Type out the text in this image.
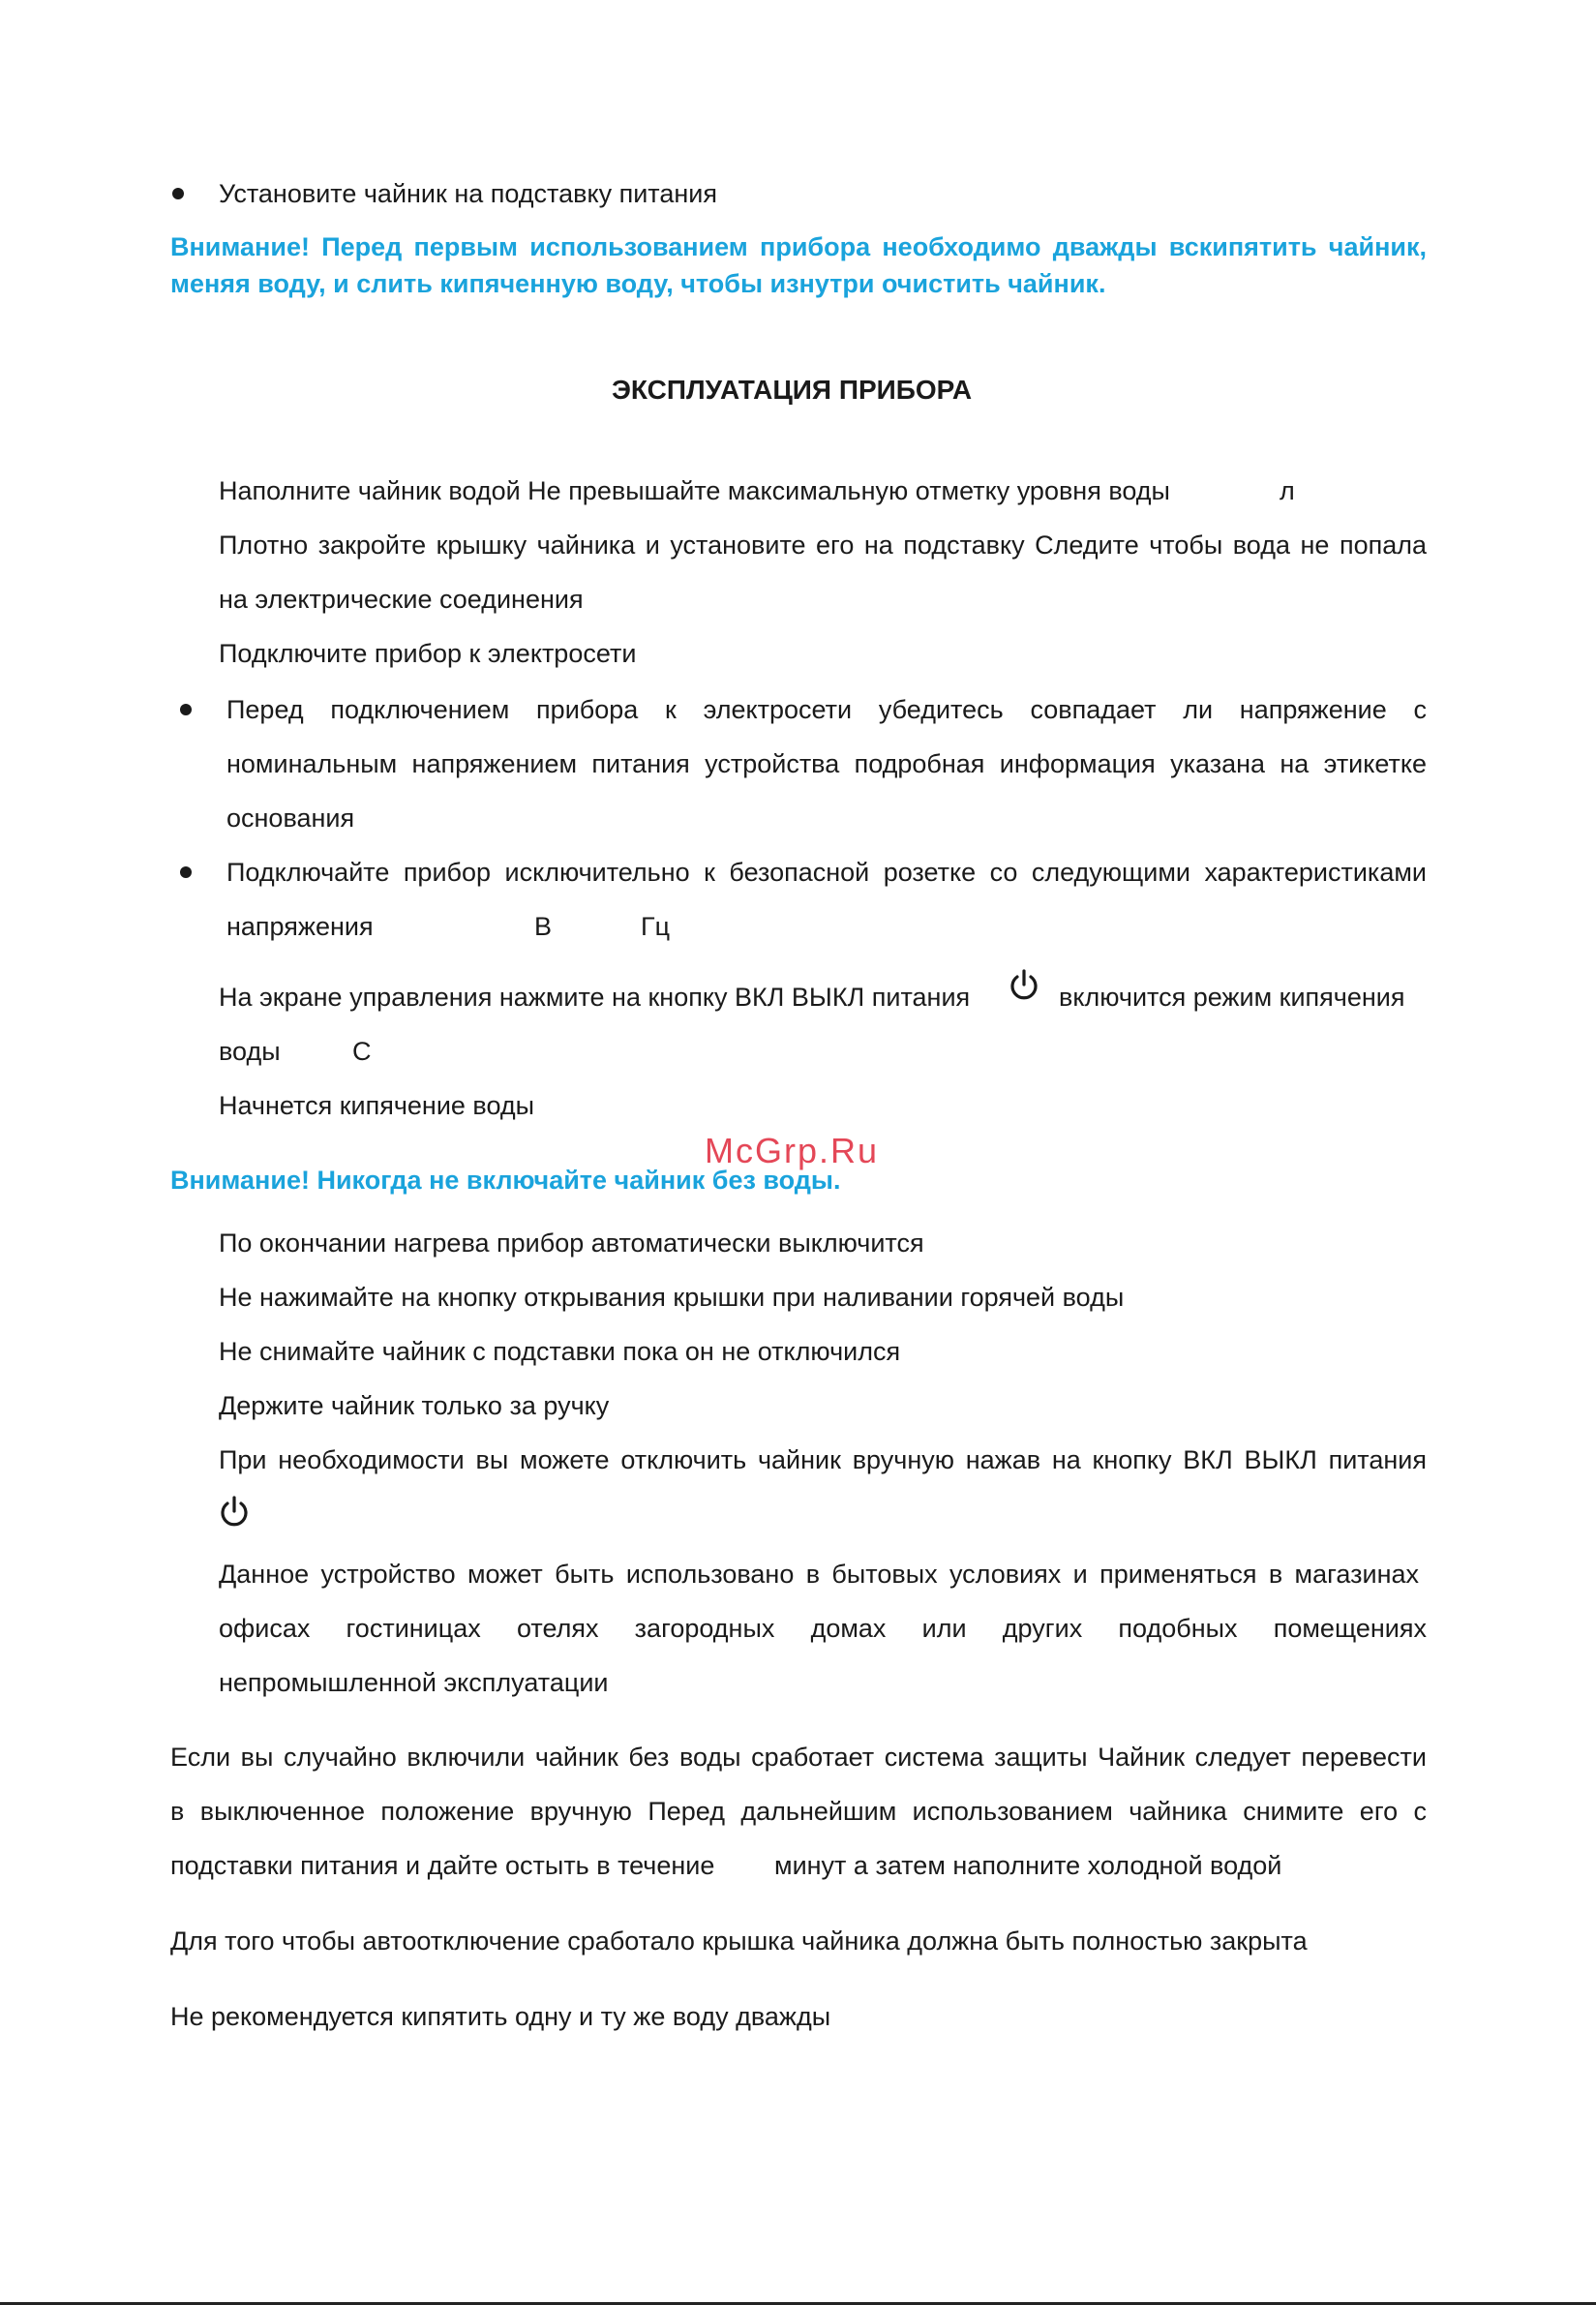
Установите чайник на подставку питания
Внимание! Перед первым использованием прибора необходимо дважды вскипятить чайник,
меняя воду, и слить кипяченную воду, чтобы изнутри очистить чайник.
ЭКСПЛУАТАЦИЯ ПРИБОРА
Наполните чайник водой Не превышайте максимальную отметку уровня воды	л
Плотно закройте крышку чайника и установите его на подставку Следите чтобы вода не попала
на электрические соединения
Подключите прибор к электросети
Перед подключением прибора к электросети убедитесь совпадает ли напряжение с
номинальным напряжением питания устройства подробная информация указана на этикетке
основания
Подключайте прибор исключительно к безопасной розетке со следующими характеристиками
напряжения	В	Гц
На экране управления нажмите на кнопку ВКЛ ВЫКЛ питания	включится режим кипячения
воды	С
Начнется кипячение воды
McGrp.Ru
Внимание! Никогда не включайте чайник без воды.
По окончании нагрева прибор автоматически выключится
Не нажимайте на кнопку открывания крышки при наливании горячей воды
Не снимайте чайник с подставки пока он не отключился
Держите чайник только за ручку
При необходимости вы можете отключить чайник вручную нажав на кнопку ВКЛ ВЫКЛ питания
Данное устройство может быть использовано в бытовых условиях и применяться в магазинах
офисах гостиницах отелях загородных домах или других подобных помещениях
непромышленной эксплуатации
Если вы случайно включили чайник без воды сработает система защиты Чайник следует перевести
в выключенное положение вручную Перед дальнейшим использованием чайника снимите его с
подставки питания и дайте остыть в течение минут а затем наполните холодной водой
Для того чтобы автоотключение сработало крышка чайника должна быть полностью закрыта
Не рекомендуется кипятить одну и ту же воду дважды
